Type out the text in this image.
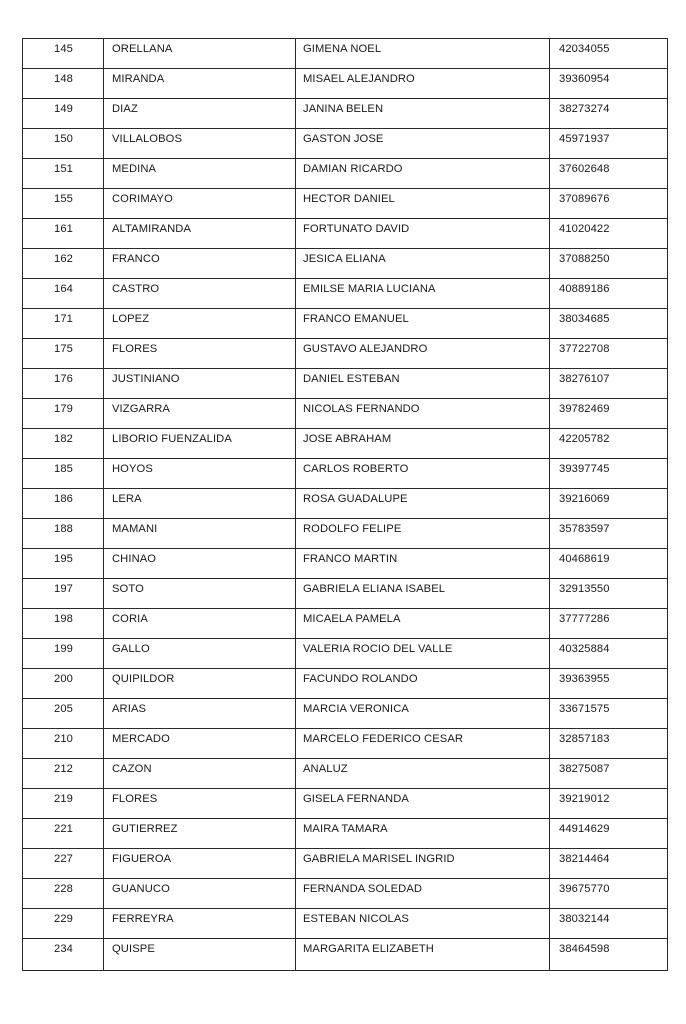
145	ORELLANA	GIMENA NOEL	42034055

148	MIRANDA	MISAEL ALEJANDRO	39360954

149	DIAZ	JANINA BELEN	38273274

150	VILLALOBOS	GASTON JOSE	45971937

151	MEDINA	DAMIAN RICARDO	37602648

155	CORIMAYO	HECTOR DANIEL	37089676

161	ALTAMIRANDA	FORTUNATO DAVID	41020422

162	FRANCO	JESICA ELIANA	37088250

164	CASTRO	EMILSE MARIA LUCIANA	40889186

171	LOPEZ	FRANCO EMANUEL	38034685

175	FLORES	GUSTAVO ALEJANDRO	37722708

176	JUSTINIANO	DANIEL ESTEBAN	38276107

179	VIZGARRA	NICOLAS FERNANDO	39782469

182	LIBORIO FUENZALIDA	JOSE ABRAHAM	42205782

185	HOYOS	CARLOS ROBERTO	39397745

186	LERA	ROSA GUADALUPE	39216069

188	MAMANI	RODOLFO FELIPE	35783597

195	CHINAO	FRANCO MARTIN	40468619

197	SOTO	GABRIELA ELIANA ISABEL	32913550

198	CORIA	MICAELA PAMELA	37777286

199	GALLO	VALERIA ROCIO DEL VALLE	40325884

200	QUIPILDOR	FACUNDO ROLANDO	39363955

205	ARIAS	MARCIA VERONICA	33671575

210	MERCADO	MARCELO FEDERICO CESAR	32857183

212	CAZON	ANALUZ	38275087

219	FLORES	GISELA FERNANDA	39219012

221	GUTIERREZ	MAIRA TAMARA	44914629

227	FIGUEROA	GABRIELA MARISEL INGRID	38214464

228	GUANUCO	FERNANDA SOLEDAD	39675770

229	FERREYRA	ESTEBAN NICOLAS	38032144

234	QUISPE	MARGARITA ELIZABETH	38464598
